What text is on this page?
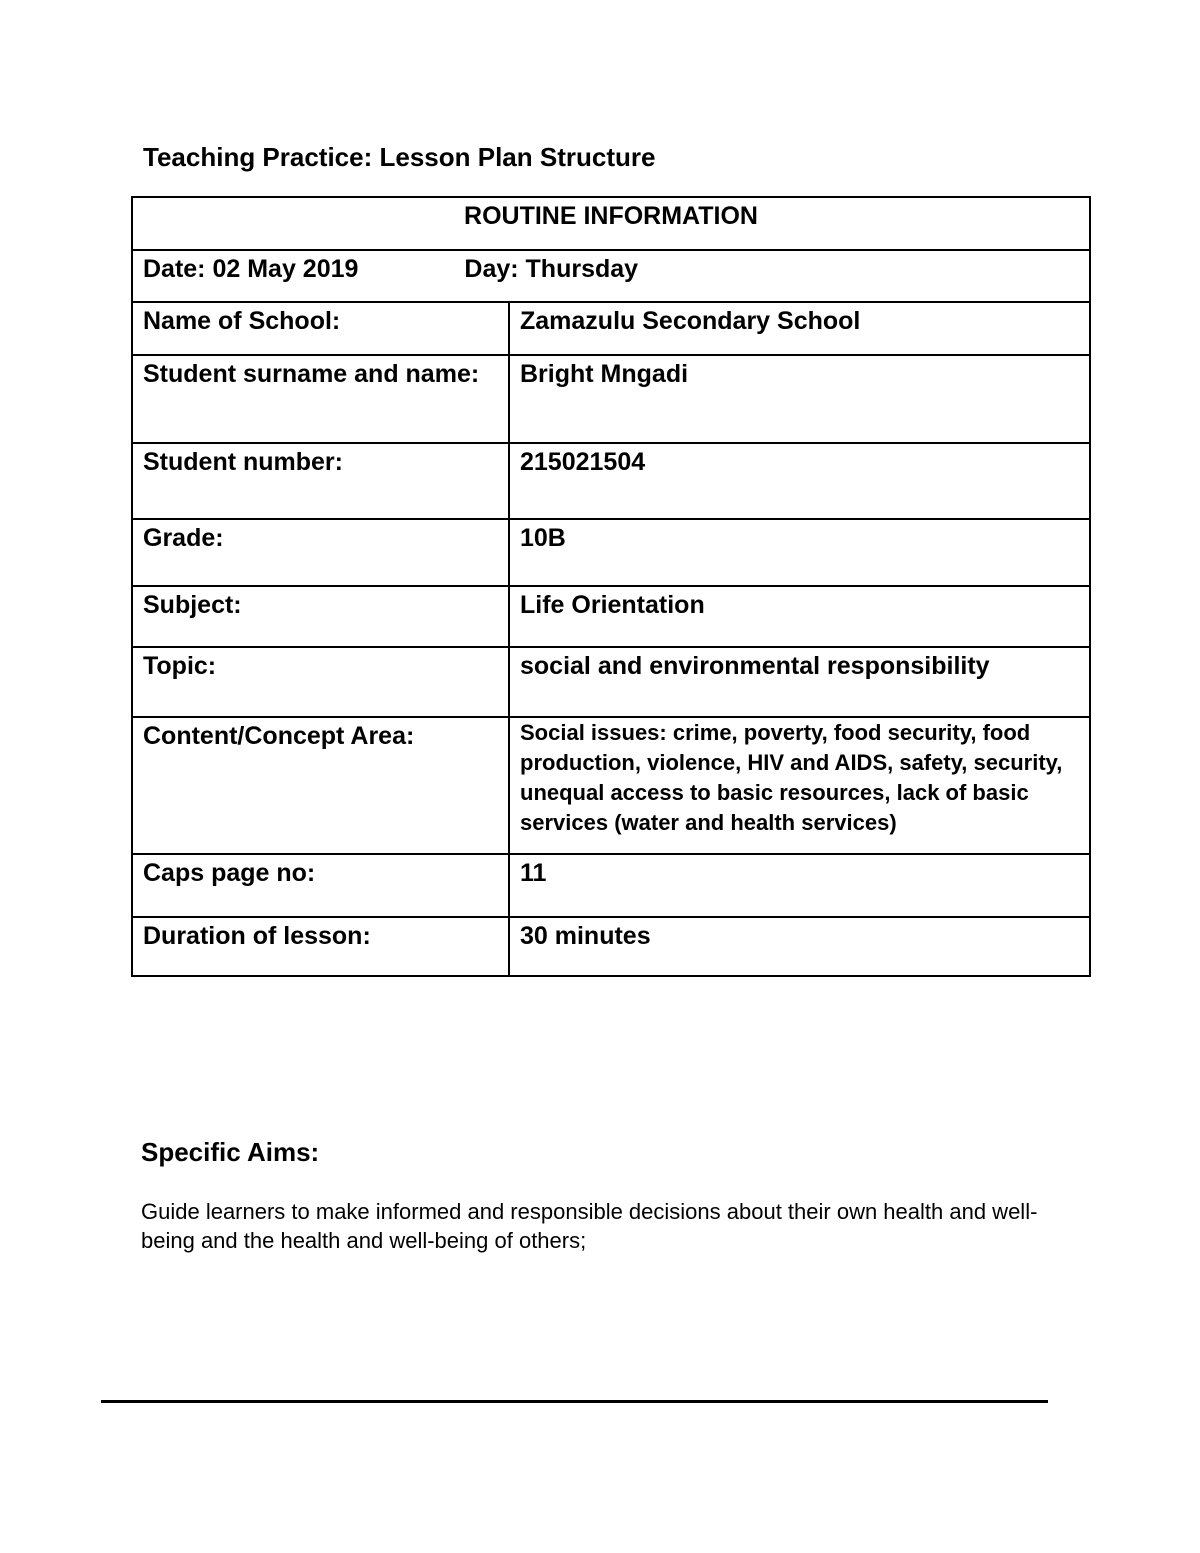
Teaching Practice: Lesson Plan Structure
ROUTINE INFORMATION	
Date: 02 May 2019 Day: Thursday	
Name of School:	Zamazulu Secondary School
Student surname and name:	Bright Mngadi
Student number:	215021504
Grade:	10B
Subject:	Life Orientation
Topic:	social and environmental responsibility
Content/Concept Area:	Social issues: crime, poverty, food security, food production, violence, HIV and AIDS, safety, security, unequal access to basic resources, lack of basic services (water and health services)
Caps page no:	11
Duration of lesson:	30 minutes
Specific Aims:
Guide learners to make informed and responsible decisions about their own health and well-being and the health and well-being of others;
